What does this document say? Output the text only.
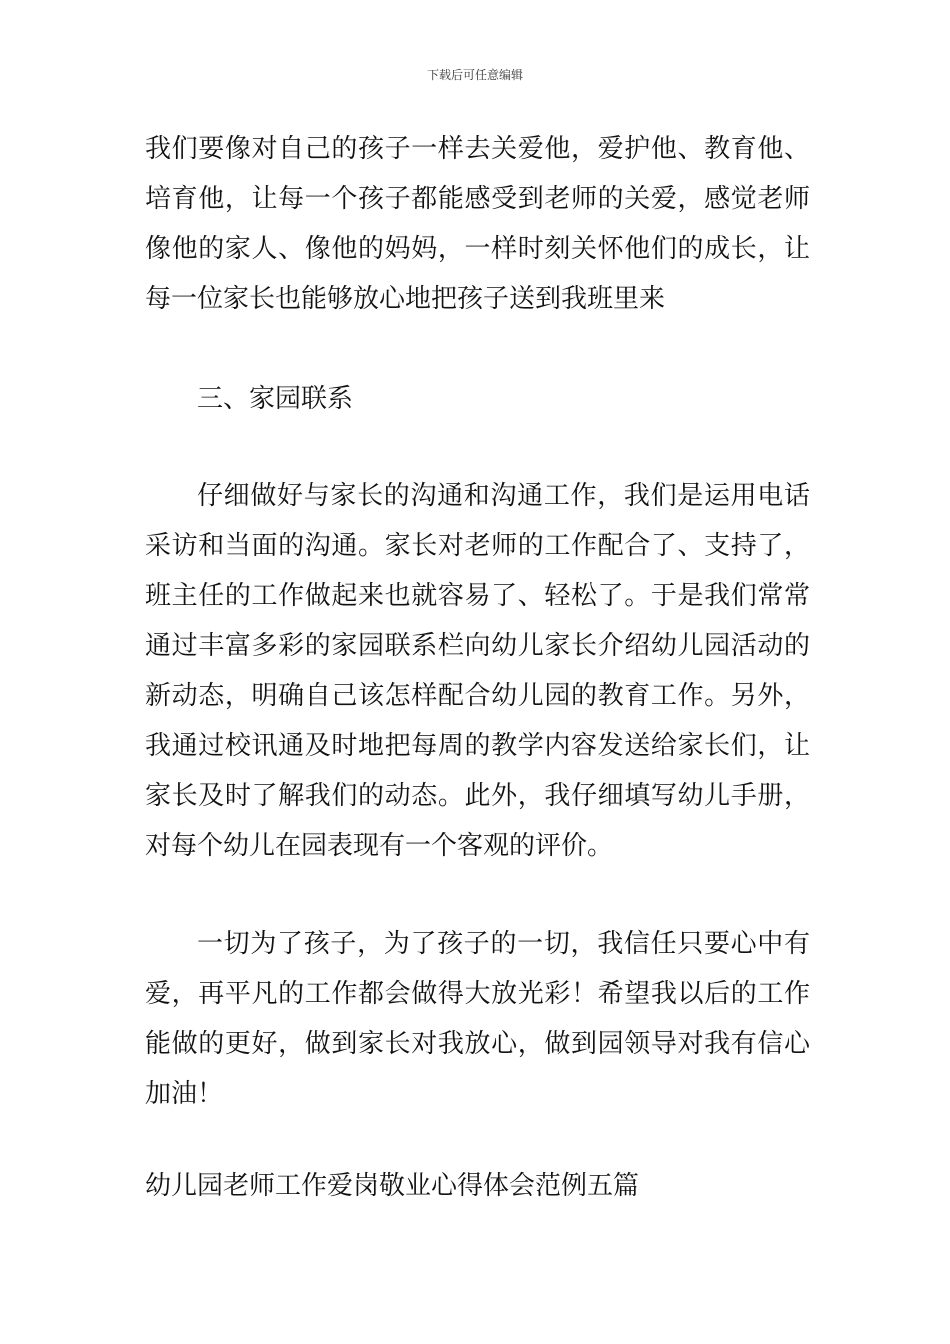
下载后可任意编辑

我们要像对自己的孩子一样去关爱他，爱护他、教育他、培育他，让每一个孩子都能感受到老师的关爱，感觉老师像他的家人、像他的妈妈，一样时刻关怀他们的成长，让每一位家长也能够放心地把孩子送到我班里来

三、家园联系

仔细做好与家长的沟通和沟通工作，我们是运用电话采访和当面的沟通。家长对老师的工作配合了、支持了，班主任的工作做起来也就容易了、轻松了。于是我们常常通过丰富多彩的家园联系栏向幼儿家长介绍幼儿园活动的新动态，明确自己该怎样配合幼儿园的教育工作。另外，我通过校讯通及时地把每周的教学内容发送给家长们，让家长及时了解我们的动态。此外，我仔细填写幼儿手册，对每个幼儿在园表现有一个客观的评价。

一切为了孩子，为了孩子的一切，我信任只要心中有爱，再平凡的工作都会做得大放光彩！希望我以后的工作能做的更好，做到家长对我放心，做到园领导对我有信心加油！

幼儿园老师工作爱岗敬业心得体会范例五篇
